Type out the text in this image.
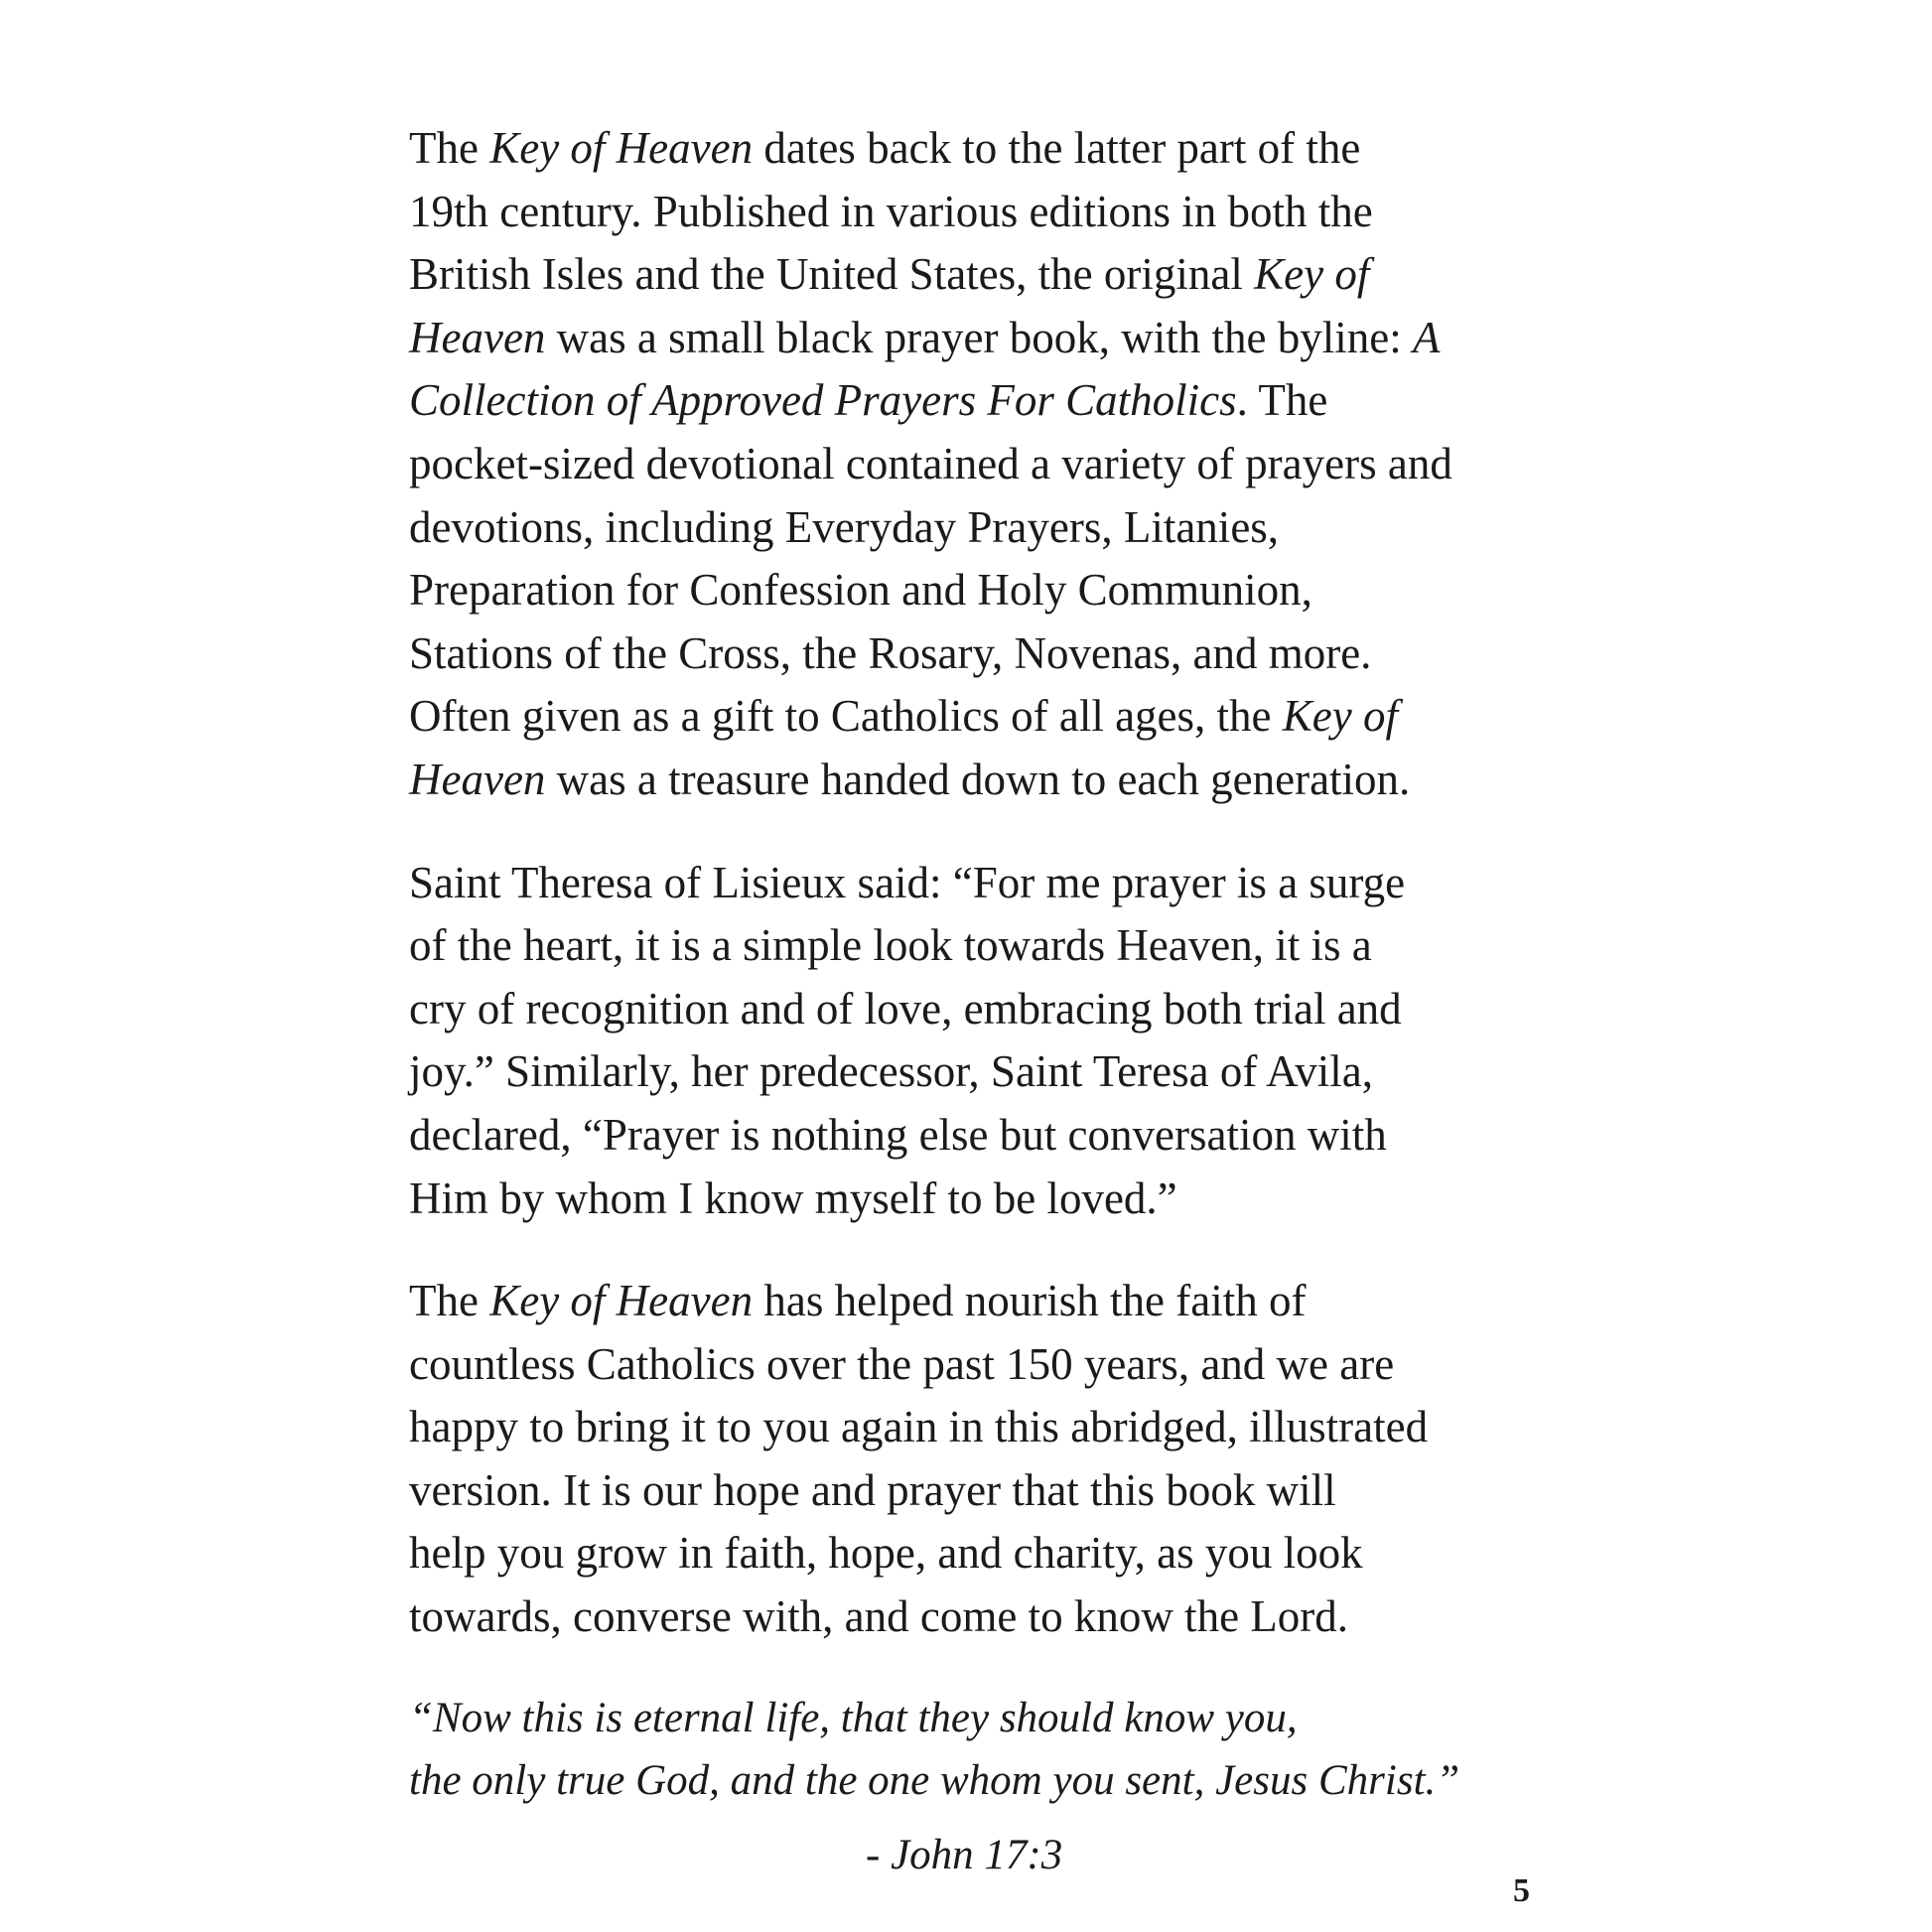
The Key of Heaven dates back to the latter part of the
19th century. Published in various editions in both the
British Isles and the United States, the original Key of
Heaven was a small black prayer book, with the byline: A
Collection of Approved Prayers For Catholics. The
pocket-sized devotional contained a variety of prayers and
devotions, including Everyday Prayers, Litanies,
Preparation for Confession and Holy Communion,
Stations of the Cross, the Rosary, Novenas, and more.
Often given as a gift to Catholics of all ages, the Key of
Heaven was a treasure handed down to each generation.

Saint Theresa of Lisieux said: “For me prayer is a surge
of the heart, it is a simple look towards Heaven, it is a
cry of recognition and of love, embracing both trial and
joy.” Similarly, her predecessor, Saint Teresa of Avila,
declared, “Prayer is nothing else but conversation with
Him by whom I know myself to be loved.”

The Key of Heaven has helped nourish the faith of
countless Catholics over the past 150 years, and we are
happy to bring it to you again in this abridged, illustrated
version. It is our hope and prayer that this book will
help you grow in faith, hope, and charity, as you look
towards, converse with, and come to know the Lord.

“Now this is eternal life, that they should know you,
the only true God, and the one whom you sent, Jesus Christ.”
- John 17:3
5
